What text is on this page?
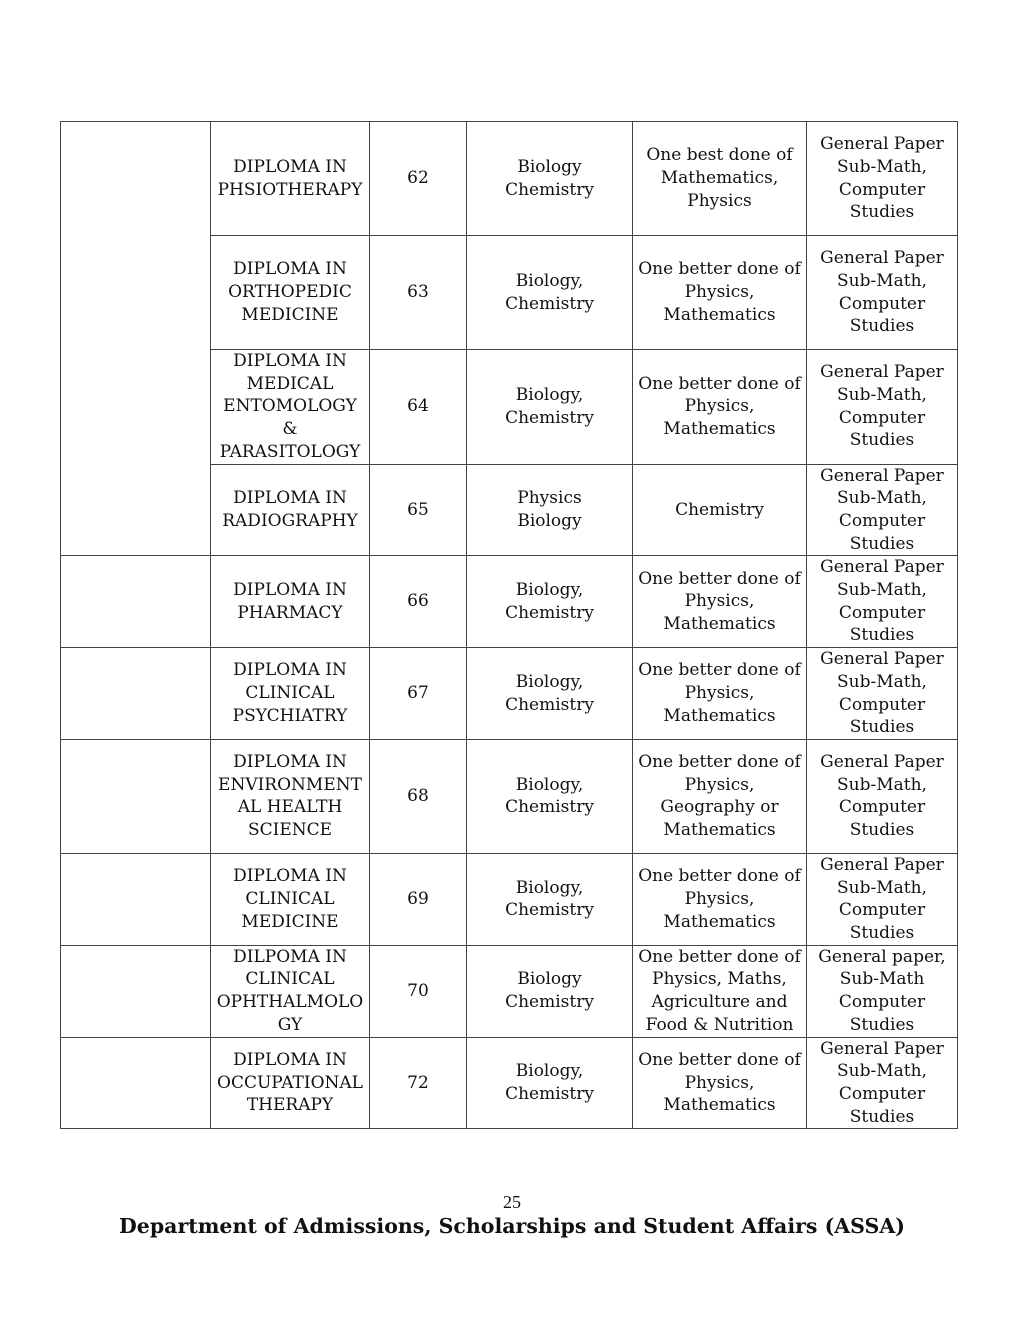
	DIPLOMA IN
PHSIOTHERAPY	62	Biology
Chemistry	One best done of
Mathematics,
Physics	General Paper
Sub-Math,
Computer
Studies
	DIPLOMA IN
ORTHOPEDIC
MEDICINE	63	Biology,
Chemistry	One better done of
Physics,
Mathematics	General Paper
Sub-Math,
Computer
Studies
	DIPLOMA IN
MEDICAL
ENTOMOLOGY &
PARASITOLOGY	64	Biology,
Chemistry	One better done of
Physics,
Mathematics	General Paper
Sub-Math,
Computer
Studies
	DIPLOMA IN
RADIOGRAPHY	65	Physics
Biology	Chemistry	General Paper
Sub-Math,
Computer
Studies
	DIPLOMA IN
PHARMACY	66	Biology,
Chemistry	One better done of
Physics,
Mathematics	General Paper
Sub-Math,
Computer
Studies
	DIPLOMA IN
CLINICAL
PSYCHIATRY	67	Biology,
Chemistry	One better done of
Physics,
Mathematics	General Paper
Sub-Math,
Computer
Studies
	DIPLOMA IN
ENVIRONMENT
AL HEALTH
SCIENCE	68	Biology,
Chemistry	One better done of
Physics,
Geography or
Mathematics	General Paper
Sub-Math,
Computer
Studies
	DIPLOMA IN
CLINICAL
MEDICINE	69	Biology,
Chemistry	One better done of
Physics,
Mathematics	General Paper
Sub-Math,
Computer
Studies
	DILPOMA IN
CLINICAL
OPHTHALMOLO
GY	70	Biology
Chemistry	One better done of
Physics, Maths,
Agriculture and
Food & Nutrition	General paper,
Sub-Math
Computer
Studies
	DIPLOMA IN
OCCUPATIONAL
THERAPY	72	Biology,
Chemistry	One better done of
Physics,
Mathematics	General Paper
Sub-Math,
Computer
Studies
25
Department of Admissions, Scholarships and Student Affairs (ASSA)
